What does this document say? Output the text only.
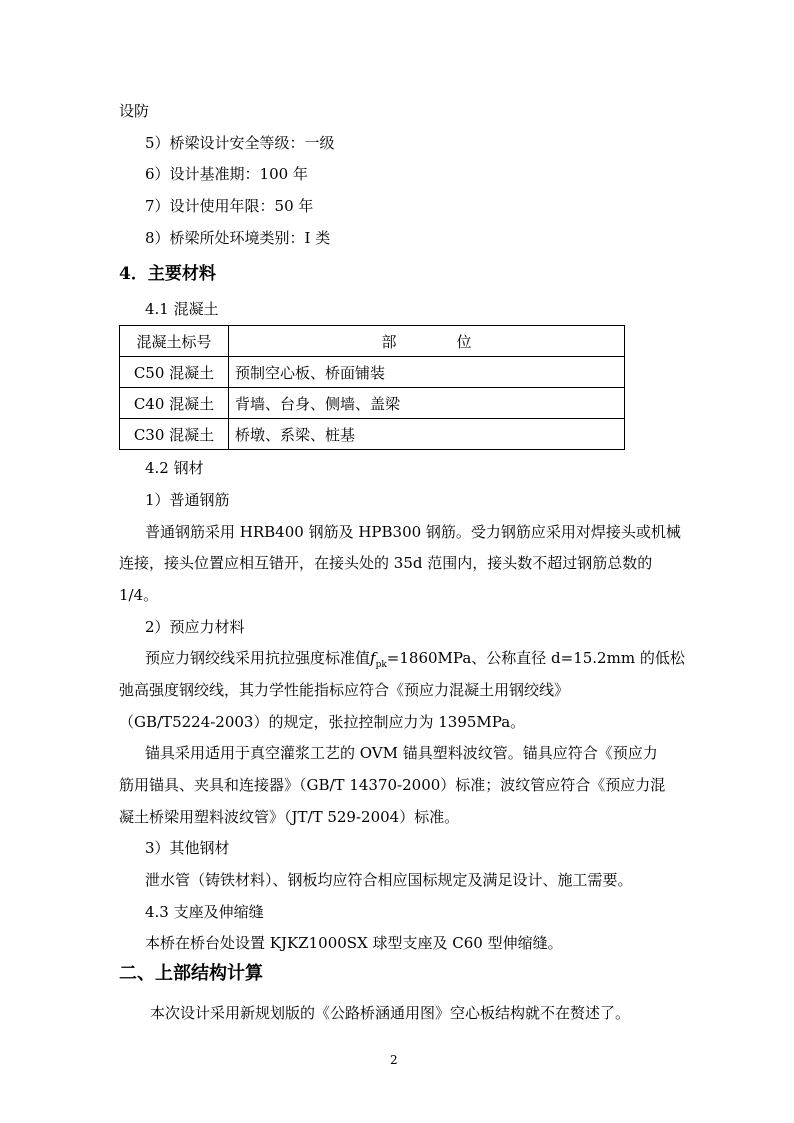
设防
5）桥梁设计安全等级：一级
6）设计基准期：100 年
7）设计使用年限：50 年
8）桥梁所处环境类别：I 类
4．主要材料
4.1 混凝土
混凝土标号	部　　　　位
C50 混凝土	预制空心板、桥面铺装
C40 混凝土	背墙、台身、侧墙、盖梁
C30 混凝土	桥墩、系梁、桩基
4.2 钢材
1）普通钢筋
普通钢筋采用 HRB400 钢筋及 HPB300 钢筋。受力钢筋应采用对焊接头或机械
连接，接头位置应相互错开，在接头处的 35d 范围内，接头数不超过钢筋总数的
1/4。
2）预应力材料
预应力钢绞线采用抗拉强度标准值$f_{pk}=1860MPa$、公称直径 d=15.2mm 的低松
弛高强度钢绞线，其力学性能指标应符合《预应力混凝土用钢绞线》
（GB/T5224-2003）的规定，张拉控制应力为 1395MPa。
锚具采用适用于真空灌浆工艺的 OVM 锚具塑料波纹管。锚具应符合《预应力
筋用锚具、夹具和连接器》（GB/T 14370-2000）标准；波纹管应符合《预应力混
凝土桥梁用塑料波纹管》（JT/T 529-2004）标准。
3）其他钢材
泄水管（铸铁材料）、钢板均应符合相应国标规定及满足设计、施工需要。
4.3 支座及伸缩缝
本桥在桥台处设置 KJKZ1000SX 球型支座及 C60 型伸缩缝。
二、上部结构计算
本次设计采用新规划版的《公路桥涵通用图》空心板结构就不在赘述了。
2
